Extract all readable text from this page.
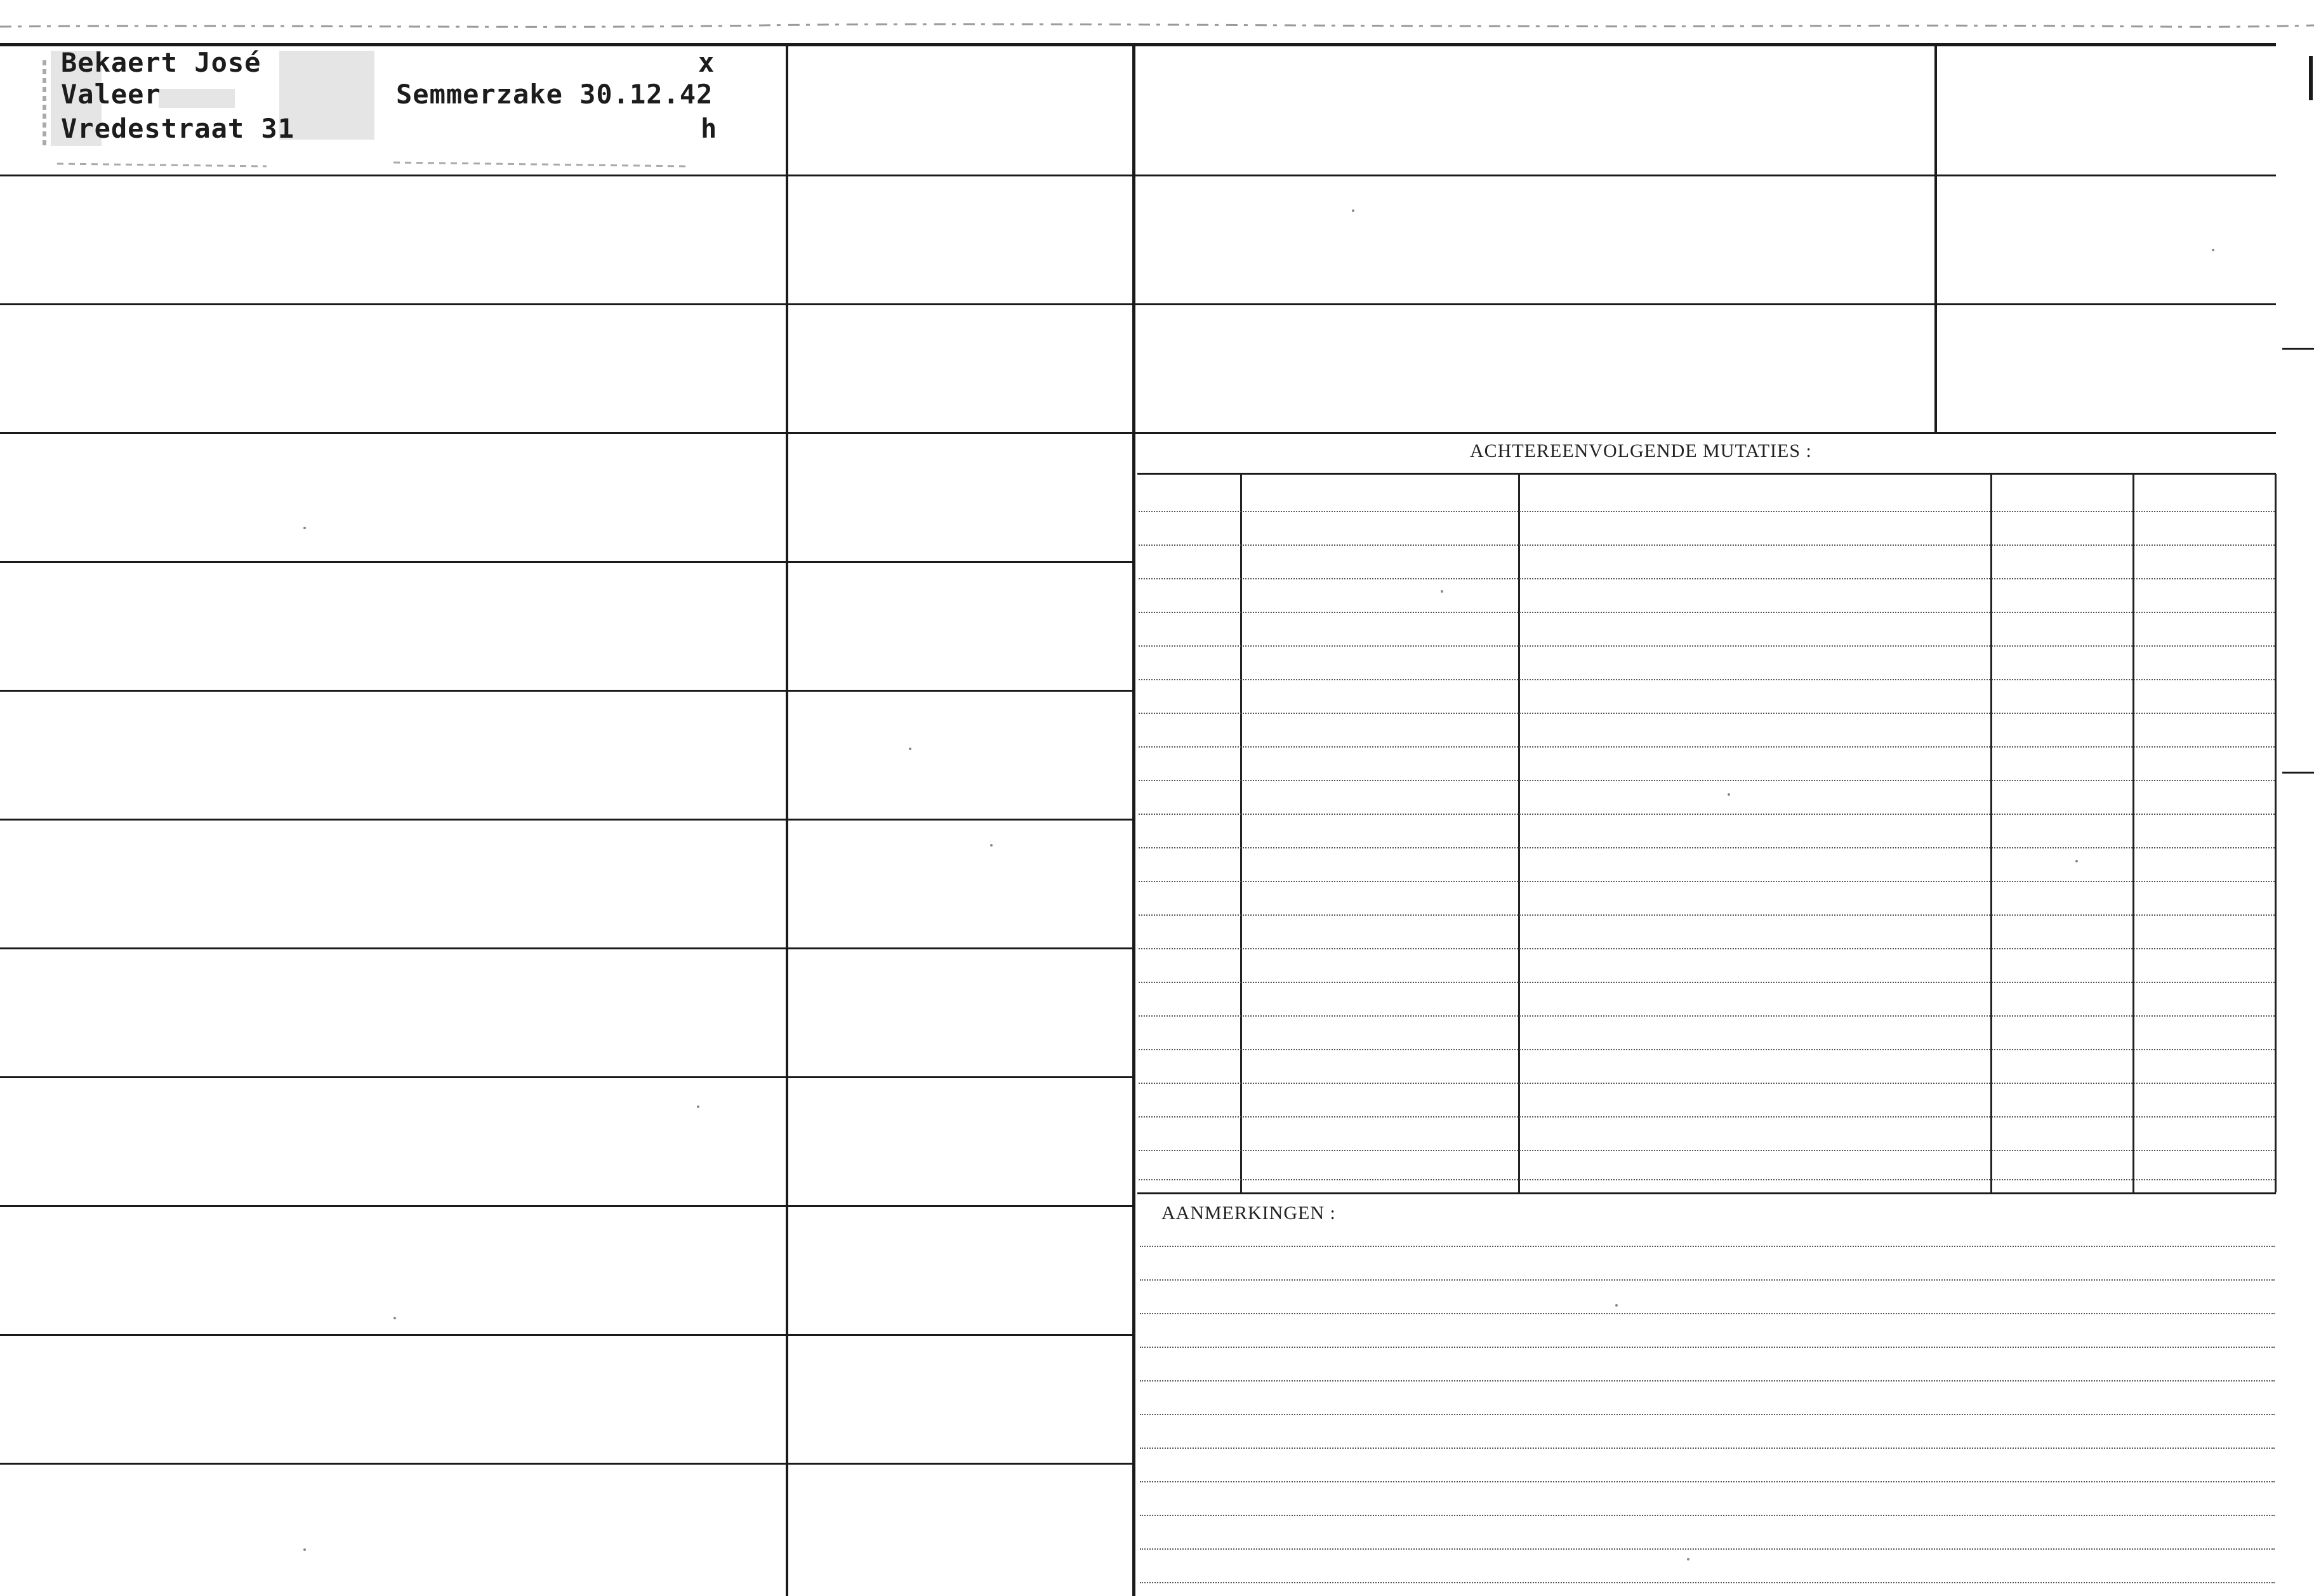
Bekaert José	x
Valeer	Semmerzake 30.12.42
Vredestraat 31	h
ACHTEREENVOLGENDE MUTATIES :
AANMERKINGEN :
